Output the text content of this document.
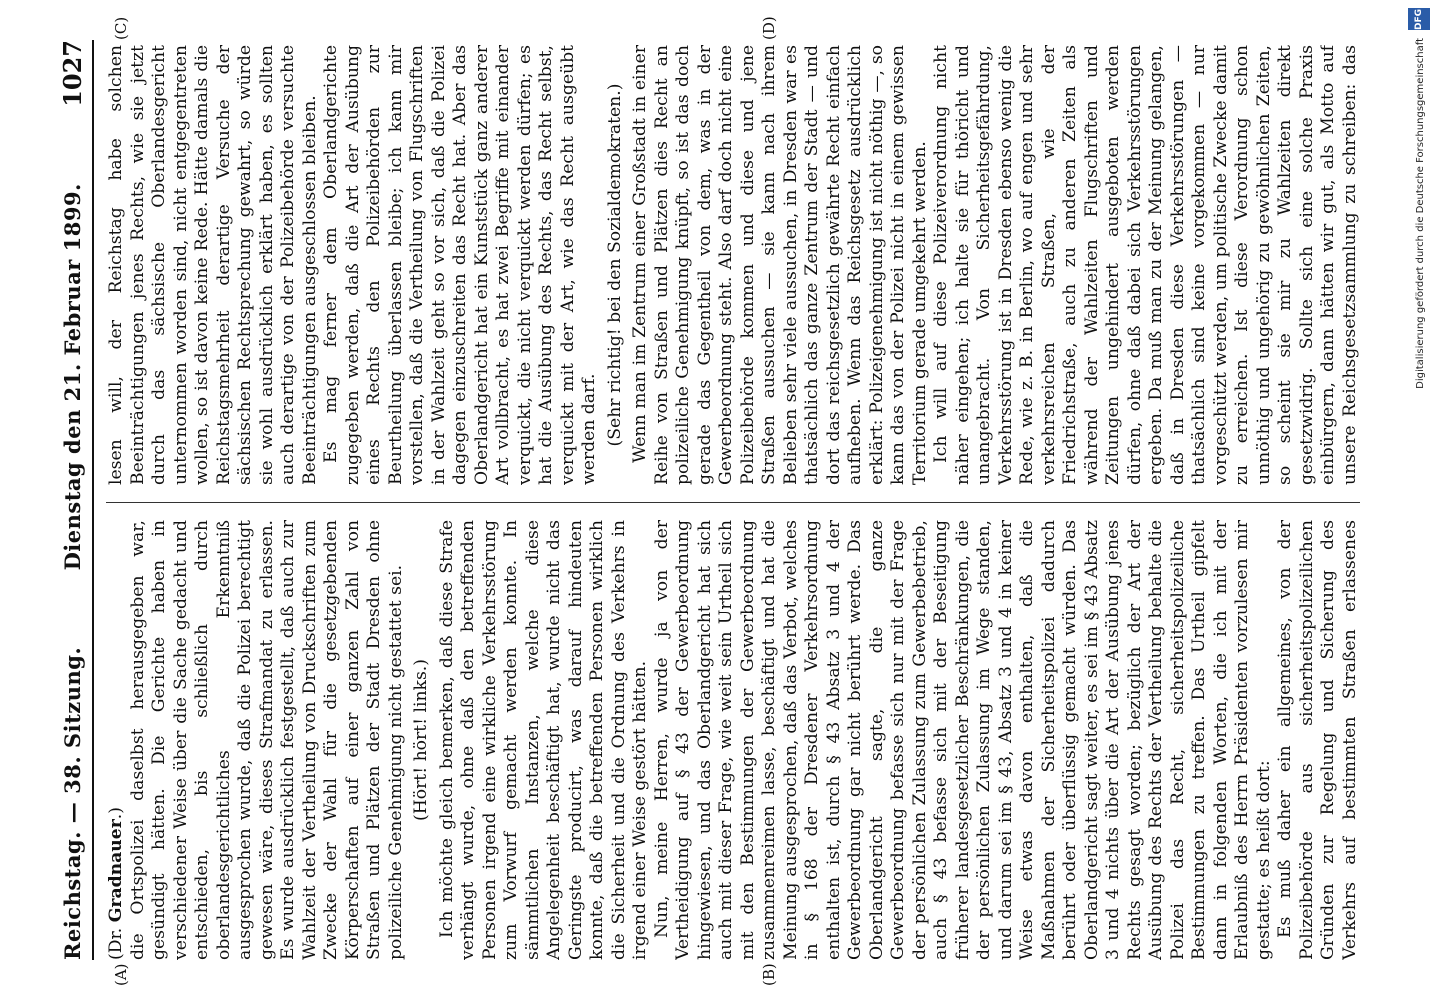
Reichstag. — 38. Sitzung.
Dienstag den 21. Februar 1899.
1027
(A)	(B)
(C)	(D)

(Dr. Gradnauer.) die Ortspolizei daselbst herausgegeben war, gesündigt hätten. Die Gerichte haben in verschiedener Weise über die Sache gedacht und entschieden, bis schließlich durch oberlandesgerichtliches Erkenntniß ausgesprochen wurde, daß die Polizei berechtigt gewesen wäre, dieses Strafmandat zu erlassen. Es wurde ausdrücklich festgestellt, daß auch zur Wahlzeit der Vertheilung von Druckschriften zum Zwecke der Wahl für die gesetzgebenden Körperschaften auf einer ganzen Zahl von Straßen und Plätzen der Stadt Dresden ohne polizeiliche Genehmigung nicht gestattet sei. (Hört! hört! links.) Ich möchte gleich bemerken, daß diese Strafe verhängt wurde, ohne daß den betreffenden Personen irgend eine wirkliche Verkehrsstörung zum Vorwurf gemacht werden konnte. In sämmtlichen Instanzen, welche diese Angelegenheit beschäftigt hat, wurde nicht das Geringste producirt, was darauf hindeuten konnte, daß die betreffenden Personen wirklich die Sicherheit und die Ordnung des Verkehrs in irgend einer Weise gestört hätten. Nun, meine Herren, wurde ja von der Vertheidigung auf § 43 der Gewerbeordnung hingewiesen, und das Oberlandgericht hat sich auch mit dieser Frage, wie weit sein Urtheil sich mit den Bestimmungen der Gewerbeordnung zusammenreimen lasse, beschäftigt und hat die Meinung ausgesprochen, daß das Verbot, welches in § 168 der Dresdener Verkehrsordnung enthalten ist, durch § 43 Absatz 3 und 4 der Gewerbeordnung gar nicht berührt werde. Das Oberlandgericht sagte, die ganze Gewerbeordnung befasse sich nur mit der Frage der persönlichen Zulassung zum Gewerbebetrieb, auch § 43 befasse sich mit der Beseitigung früherer landesgesetzlicher Beschränkungen, die der persönlichen Zulassung im Wege standen, und darum sei im § 43, Absatz 3 und 4 in keiner Weise etwas davon enthalten, daß die Maßnahmen der Sicherheitspolizei dadurch berührt oder überflüssig gemacht würden. Das Oberlandgericht sagt weiter, es sei im § 43 Absatz 3 und 4 nichts über die Art der Ausübung jenes Rechts gesagt worden; bezüglich der Art der Ausübung des Rechts der Vertheilung behalte die Polizei das Recht, sicherheitspolizeiliche Bestimmungen zu treffen. Das Urtheil gipfelt dann in folgenden Worten, die ich mit der Erlaubniß des Herrn Präsidenten vorzulesen mir gestatte; es heißt dort: Es muß daher ein allgemeines, von der Polizeibehörde aus sicherheitspolizeilichen Gründen zur Regelung und Sicherung des Verkehrs auf bestimmten Straßen erlassenes

lesen will, der Reichstag habe solchen Beeinträchtigungen jenes Rechts, wie sie jetzt durch das sächsische Oberlandesgericht unternommen worden sind, nicht entgegentreten wollen, so ist davon keine Rede. Hätte damals die Reichstagsmehrheit derartige Versuche der sächsischen Rechtsprechung gewahrt, so würde sie wohl ausdrücklich erklärt haben, es sollten auch derartige von der Polizeibehörde versuchte Beeinträchtigungen ausgeschlossen bleiben. Es mag ferner dem Oberlandgerichte zugegeben werden, daß die Art der Ausübung eines Rechts den Polizeibehörden zur Beurtheilung überlassen bleibe; ich kann mir vorstellen, daß die Vertheilung von Flugschriften in der Wahlzeit geht so vor sich, daß die Polizei dagegen einzuschreiten das Recht hat. Aber das Oberlandgericht hat ein Kunststück ganz anderer Art vollbracht, es hat zwei Begriffe mit einander verquickt, die nicht verquickt werden dürfen; es hat die Ausübung des Rechts, das Recht selbst, verquickt mit der Art, wie das Recht ausgeübt werden darf. (Sehr richtig! bei den Sozialdemokraten.) Wenn man im Zentrum einer Großstadt in einer Reihe von Straßen und Plätzen dies Recht an polizeiliche Genehmigung knüpft, so ist das doch gerade das Gegentheil von dem, was in der Gewerbeordnung steht. Also darf doch nicht eine Polizeibehörde kommen und diese und jene Straßen aussuchen — sie kann nach ihrem Belieben sehr viele aussuchen, in Dresden war es thatsächlich das ganze Zentrum der Stadt — und dort das reichsgesetzlich gewährte Recht einfach aufheben. Wenn das Reichsgesetz ausdrücklich erklärt: Polizeigenehmigung ist nicht nöthig —, so kann das von der Polizei nicht in einem gewissen Territorium gerade umgekehrt werden. Ich will auf diese Polizeiverordnung nicht näher eingehen; ich halte sie für thöricht und unangebracht. Von Sicherheitsgefährdung, Verkehrsstörung ist in Dresden ebenso wenig die Rede, wie z. B. in Berlin, wo auf engen und sehr verkehrsreichen Straßen, wie der Friedrichstraße, auch zu anderen Zeiten als während der Wahlzeiten Flugschriften und Zeitungen ungehindert ausgeboten werden dürfen, ohne daß dabei sich Verkehrsstörungen ergeben. Da muß man zu der Meinung gelangen, daß in Dresden diese Verkehrsstörungen — thatsächlich sind keine vorgekommen — nur vorgeschützt werden, um politische Zwecke damit zu erreichen. Ist diese Verordnung schon unnöthig und ungehörig zu gewöhnlichen Zeiten, so scheint sie mir zu Wahlzeiten direkt gesetzwidrig. Sollte sich eine solche Praxis einbürgern, dann hätten wir gut, als Motto auf unsere Reichsgesetzsammlung zu schreiben: das

DFG
Digitalisierung gefördert durch die Deutsche Forschungsgemeinschaft
